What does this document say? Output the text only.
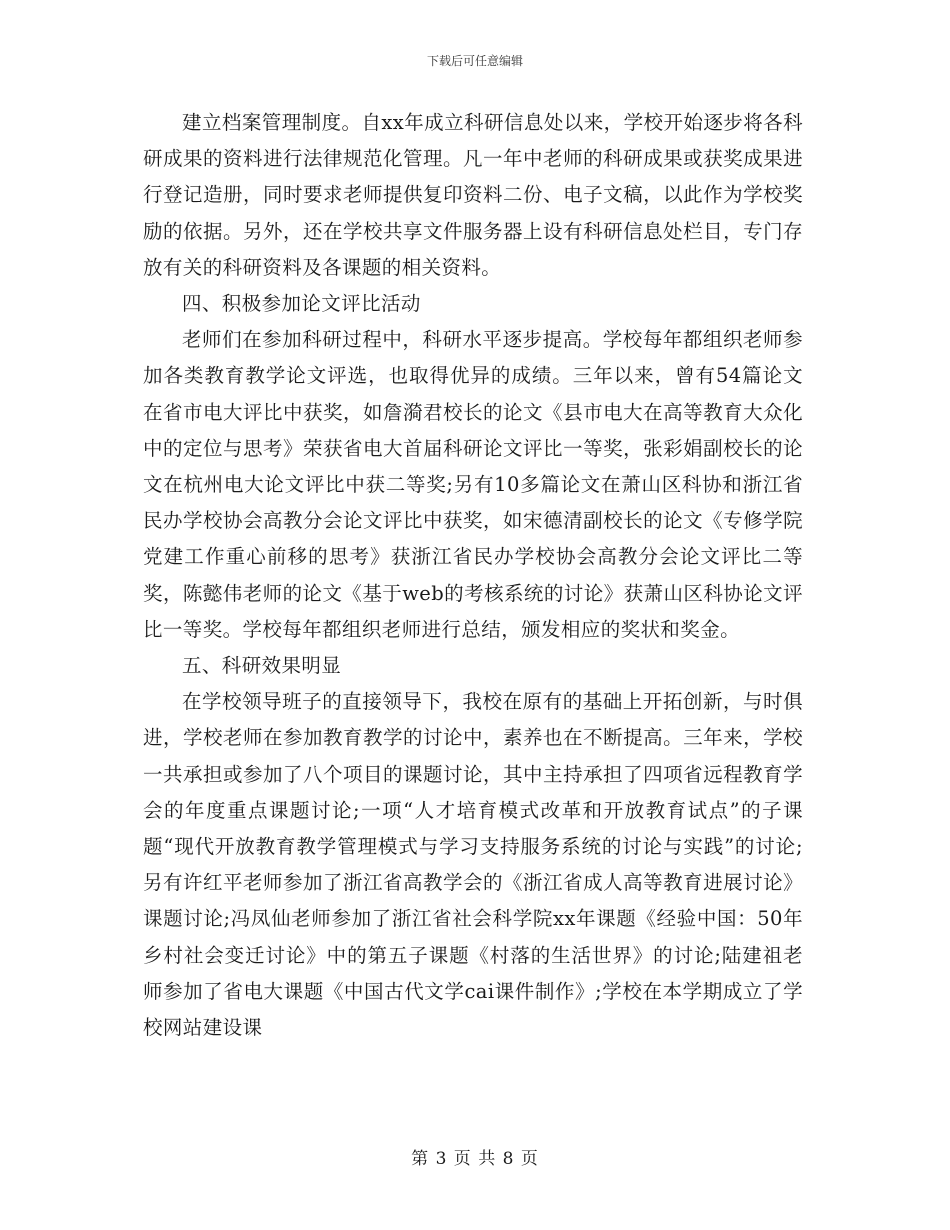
下载后可任意编辑

建立档案管理制度。自xx年成立科研信息处以来，学校开始逐步将各科研成果的资料进行法律规范化管理。凡一年中老师的科研成果或获奖成果进行登记造册，同时要求老师提供复印资料二份、电子文稿，以此作为学校奖励的依据。另外，还在学校共享文件服务器上设有科研信息处栏目，专门存放有关的科研资料及各课题的相关资料。

四、积极参加论文评比活动

老师们在参加科研过程中，科研水平逐步提高。学校每年都组织老师参加各类教育教学论文评选，也取得优异的成绩。三年以来，曾有54篇论文在省市电大评比中获奖，如詹漪君校长的论文《县市电大在高等教育大众化中的定位与思考》荣获省电大首届科研论文评比一等奖，张彩娟副校长的论文在杭州电大论文评比中获二等奖;另有10多篇论文在萧山区科协和浙江省民办学校协会高教分会论文评比中获奖，如宋德清副校长的论文《专修学院党建工作重心前移的思考》获浙江省民办学校协会高教分会论文评比二等奖，陈懿伟老师的论文《基于web的考核系统的讨论》获萧山区科协论文评比一等奖。学校每年都组织老师进行总结，颁发相应的奖状和奖金。

五、科研效果明显

在学校领导班子的直接领导下，我校在原有的基础上开拓创新，与时俱进，学校老师在参加教育教学的讨论中，素养也在不断提高。三年来，学校一共承担或参加了八个项目的课题讨论，其中主持承担了四项省远程教育学会的年度重点课题讨论;一项“人才培育模式改革和开放教育试点”的子课题“现代开放教育教学管理模式与学习支持服务系统的讨论与实践”的讨论;另有许红平老师参加了浙江省高教学会的《浙江省成人高等教育进展讨论》课题讨论;冯凤仙老师参加了浙江省社会科学院xx年课题《经验中国：50年乡村社会变迁讨论》中的第五子课题《村落的生活世界》的讨论;陆建祖老师参加了省电大课题《中国古代文学cai课件制作》;学校在本学期成立了学校网站建设课

第 3 页 共 8 页
